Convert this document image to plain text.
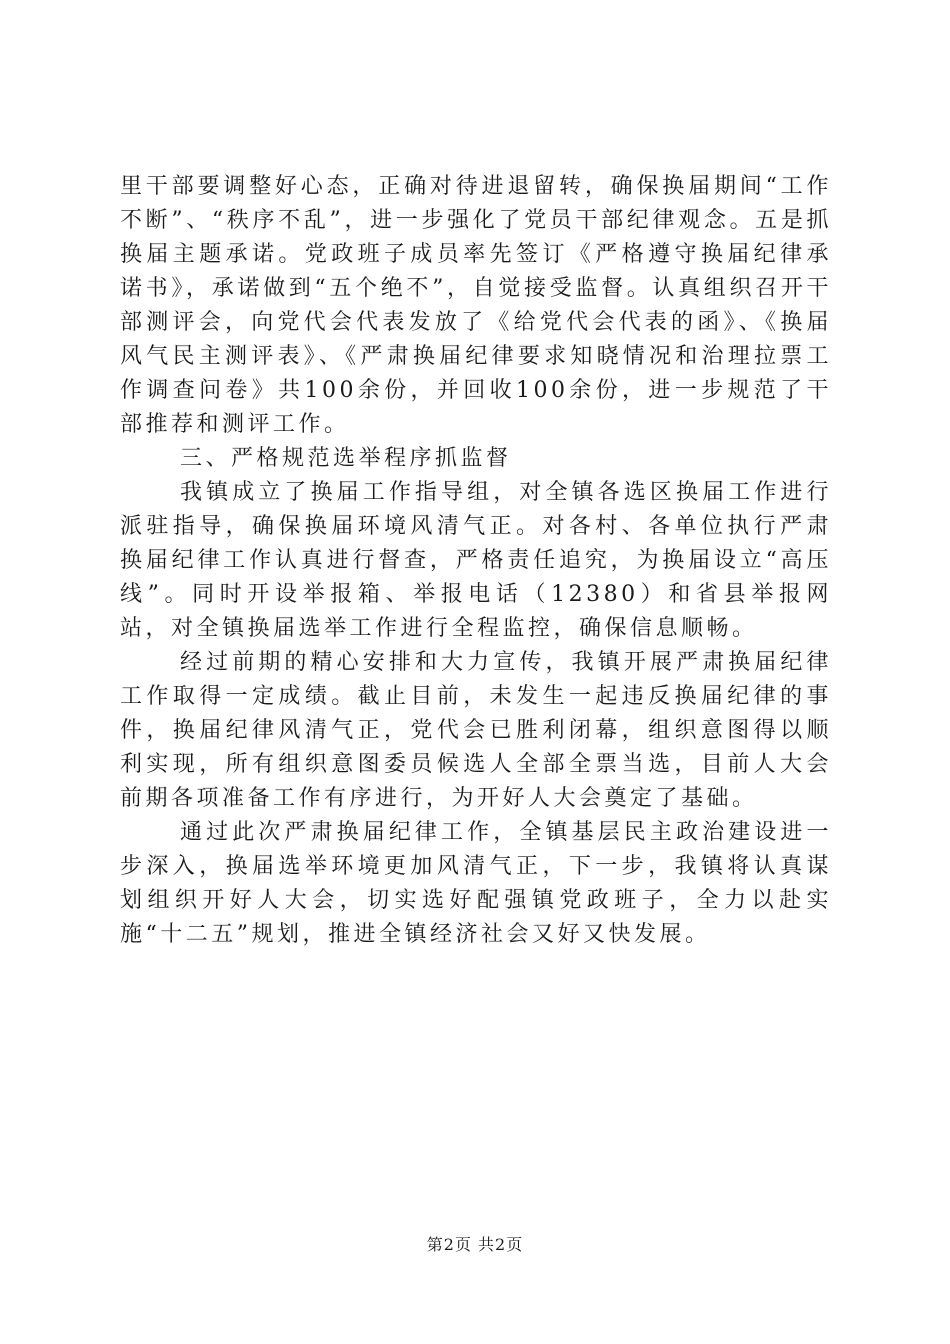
里干部要调整好心态，正确对待进退留转，确保换届期间“工作不断”、“秩序不乱”，进一步强化了党员干部纪律观念。五是抓换届主题承诺。党政班子成员率先签订《严格遵守换届纪律承诺书》，承诺做到“五个绝不”，自觉接受监督。认真组织召开干部测评会，向党代会代表发放了《给党代会代表的函》、《换届风气民主测评表》、《严肃换届纪律要求知晓情况和治理拉票工作调查问卷》共100余份，并回收100余份，进一步规范了干部推荐和测评工作。

三、严格规范选举程序抓监督

我镇成立了换届工作指导组，对全镇各选区换届工作进行派驻指导，确保换届环境风清气正。对各村、各单位执行严肃换届纪律工作认真进行督查，严格责任追究，为换届设立“高压线”。同时开设举报箱、举报电话（12380）和省县举报网站，对全镇换届选举工作进行全程监控，确保信息顺畅。

经过前期的精心安排和大力宣传，我镇开展严肃换届纪律工作取得一定成绩。截止目前，未发生一起违反换届纪律的事件，换届纪律风清气正，党代会已胜利闭幕，组织意图得以顺利实现，所有组织意图委员候选人全部全票当选，目前人大会前期各项准备工作有序进行，为开好人大会奠定了基础。

通过此次严肃换届纪律工作，全镇基层民主政治建设进一步深入，换届选举环境更加风清气正，下一步，我镇将认真谋划组织开好人大会，切实选好配强镇党政班子，全力以赴实施“十二五”规划，推进全镇经济社会又好又快发展。

第2页 共2页
